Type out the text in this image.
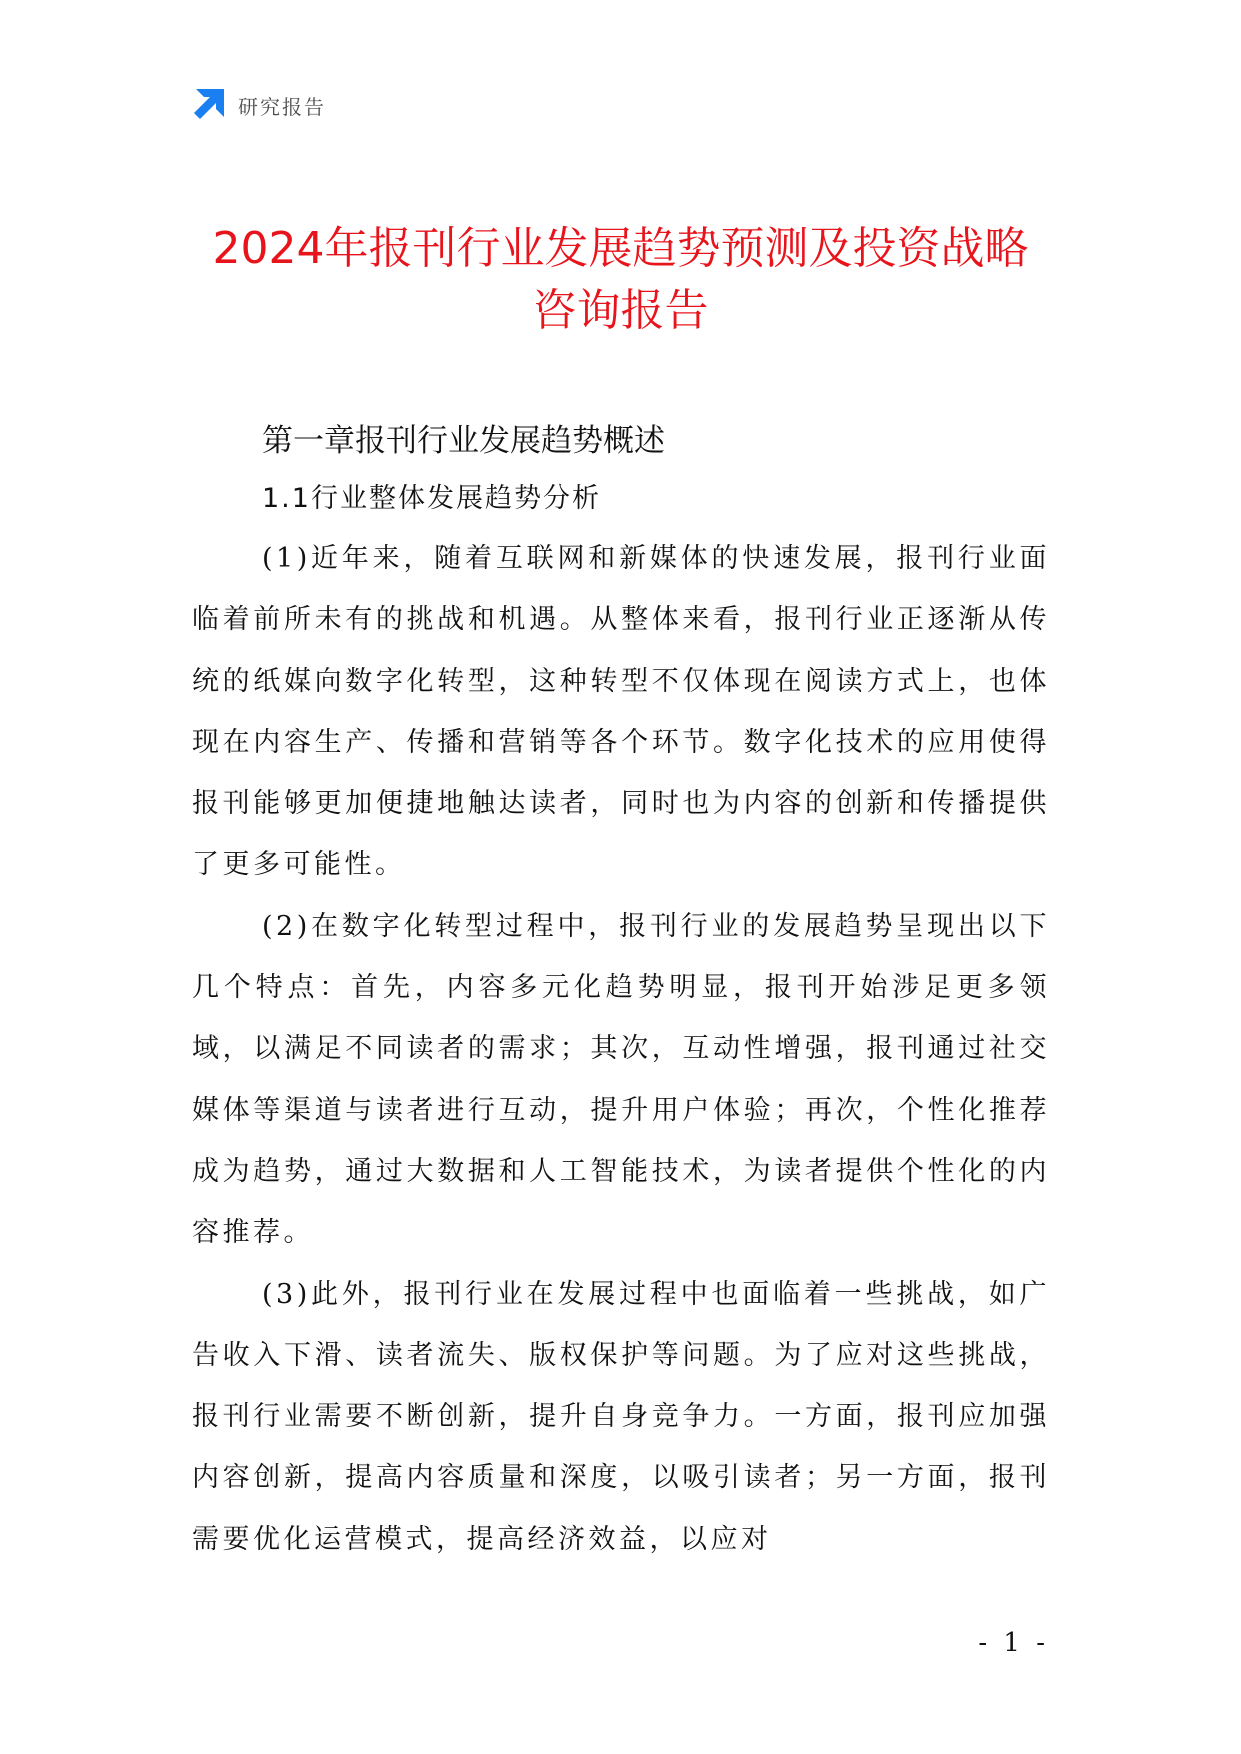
研究报告
2024年报刊行业发展趋势预测及投资战略
咨询报告
第一章报刊行业发展趋势概述
1.1行业整体发展趋势分析

(1)近年来，随着互联网和新媒体的快速发展，报刊行业面临着前所未有的挑战和机遇。从整体来看，报刊行业正逐渐从传统的纸媒向数字化转型，这种转型不仅体现在阅读方式上，也体现在内容生产、传播和营销等各个环节。数字化技术的应用使得报刊能够更加便捷地触达读者，同时也为内容的创新和传播提供了更多可能性。

(2)在数字化转型过程中，报刊行业的发展趋势呈现出以下几个特点：首先，内容多元化趋势明显，报刊开始涉足更多领域，以满足不同读者的需求；其次，互动性增强，报刊通过社交媒体等渠道与读者进行互动，提升用户体验；再次，个性化推荐成为趋势，通过大数据和人工智能技术，为读者提供个性化的内容推荐。

(3)此外，报刊行业在发展过程中也面临着一些挑战，如广告收入下滑、读者流失、版权保护等问题。为了应对这些挑战，报刊行业需要不断创新，提升自身竞争力。一方面，报刊应加强内容创新，提高内容质量和深度，以吸引读者；另一方面，报刊需要优化运营模式，提高经济效益，以应对

- 1 -
